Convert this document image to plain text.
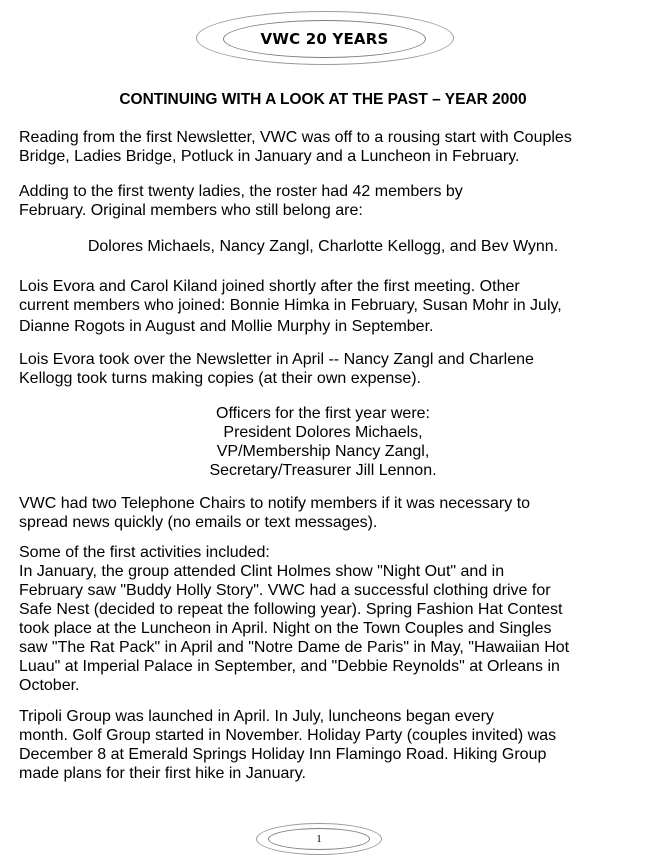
VWC 20 YEARS
CONTINUING WITH A LOOK AT THE PAST – YEAR 2000
Reading from the first Newsletter, VWC was off to a rousing start with Couples
Bridge, Ladies Bridge, Potluck in January and a Luncheon in February.
Adding to the first twenty ladies, the roster had 42 members by
February. Original members who still belong are:
Dolores Michaels, Nancy Zangl, Charlotte Kellogg, and Bev Wynn.
Lois Evora and Carol Kiland joined shortly after the first meeting. Other
current members who joined: Bonnie Himka in February, Susan Mohr in July,
Dianne Rogots in August and Mollie Murphy in September.
Lois Evora took over the Newsletter in April -- Nancy Zangl and Charlene
Kellogg took turns making copies (at their own expense).
Officers for the first year were:
President Dolores Michaels,
VP/Membership Nancy Zangl,
Secretary/Treasurer Jill Lennon.
VWC had two Telephone Chairs to notify members if it was necessary to
spread news quickly (no emails or text messages).
Some of the first activities included:
In January, the group attended Clint Holmes show "Night Out" and in
February saw "Buddy Holly Story". VWC had a successful clothing drive for
Safe Nest (decided to repeat the following year). Spring Fashion Hat Contest
took place at the Luncheon in April. Night on the Town Couples and Singles
saw "The Rat Pack" in April and "Notre Dame de Paris" in May, "Hawaiian Hot
Luau" at Imperial Palace in September, and "Debbie Reynolds" at Orleans in
October.
Tripoli Group was launched in April. In July, luncheons began every
month. Golf Group started in November. Holiday Party (couples invited) was
December 8 at Emerald Springs Holiday Inn Flamingo Road. Hiking Group
made plans for their first hike in January.
1
